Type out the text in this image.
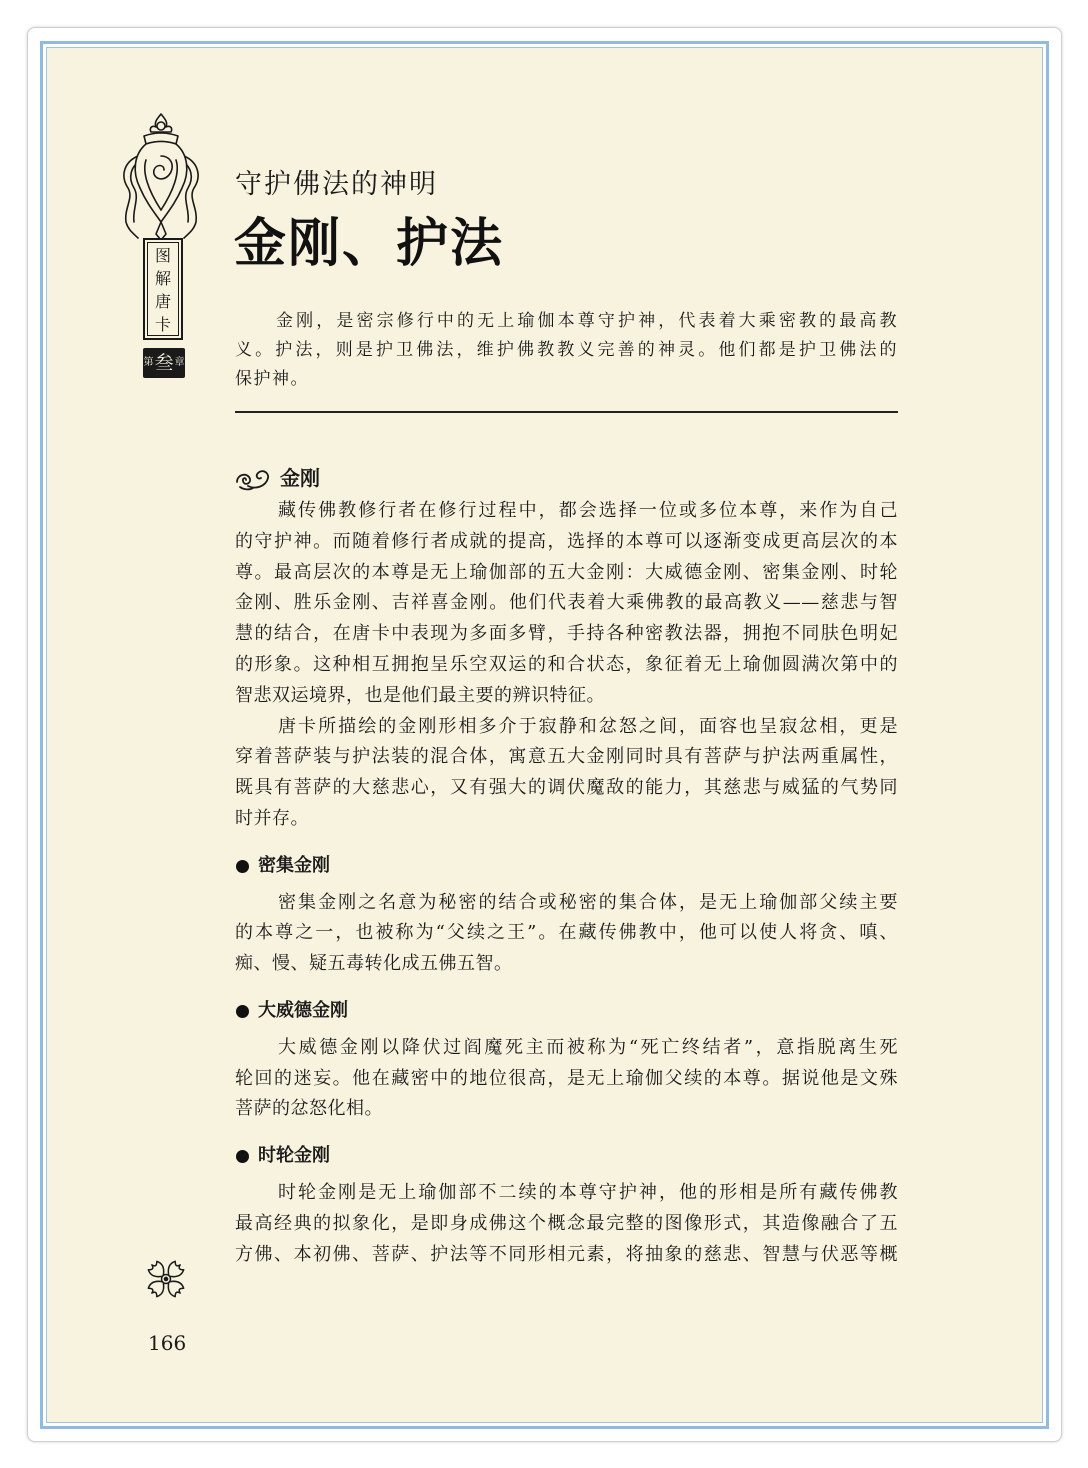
图
解
唐
卡
第 叁 章
守护佛法的神明
金刚、护法
金刚，是密宗修行中的无上瑜伽本尊守护神，代表着大乘密教的最高教
义。护法，则是护卫佛法，维护佛教教义完善的神灵。他们都是护卫佛法的
保护神。
金刚
藏传佛教修行者在修行过程中，都会选择一位或多位本尊，来作为自己
的守护神。而随着修行者成就的提高，选择的本尊可以逐渐变成更高层次的本
尊。最高层次的本尊是无上瑜伽部的五大金刚：大威德金刚、密集金刚、时轮
金刚、胜乐金刚、吉祥喜金刚。他们代表着大乘佛教的最高教义——慈悲与智
慧的结合，在唐卡中表现为多面多臂，手持各种密教法器，拥抱不同肤色明妃
的形象。这种相互拥抱呈乐空双运的和合状态，象征着无上瑜伽圆满次第中的
智悲双运境界，也是他们最主要的辨识特征。
唐卡所描绘的金刚形相多介于寂静和忿怒之间，面容也呈寂忿相，更是
穿着菩萨装与护法装的混合体，寓意五大金刚同时具有菩萨与护法两重属性，
既具有菩萨的大慈悲心，又有强大的调伏魔敌的能力，其慈悲与威猛的气势同
时并存。
密集金刚
密集金刚之名意为秘密的结合或秘密的集合体，是无上瑜伽部父续主要
的本尊之一，也被称为“父续之王”。在藏传佛教中，他可以使人将贪、嗔、
痴、慢、疑五毒转化成五佛五智。
大威德金刚
大威德金刚以降伏过阎魔死主而被称为“死亡终结者”，意指脱离生死
轮回的迷妄。他在藏密中的地位很高，是无上瑜伽父续的本尊。据说他是文殊
菩萨的忿怒化相。
时轮金刚
时轮金刚是无上瑜伽部不二续的本尊守护神，他的形相是所有藏传佛教
最高经典的拟象化，是即身成佛这个概念最完整的图像形式，其造像融合了五
方佛、本初佛、菩萨、护法等不同形相元素，将抽象的慈悲、智慧与伏恶等概
166
